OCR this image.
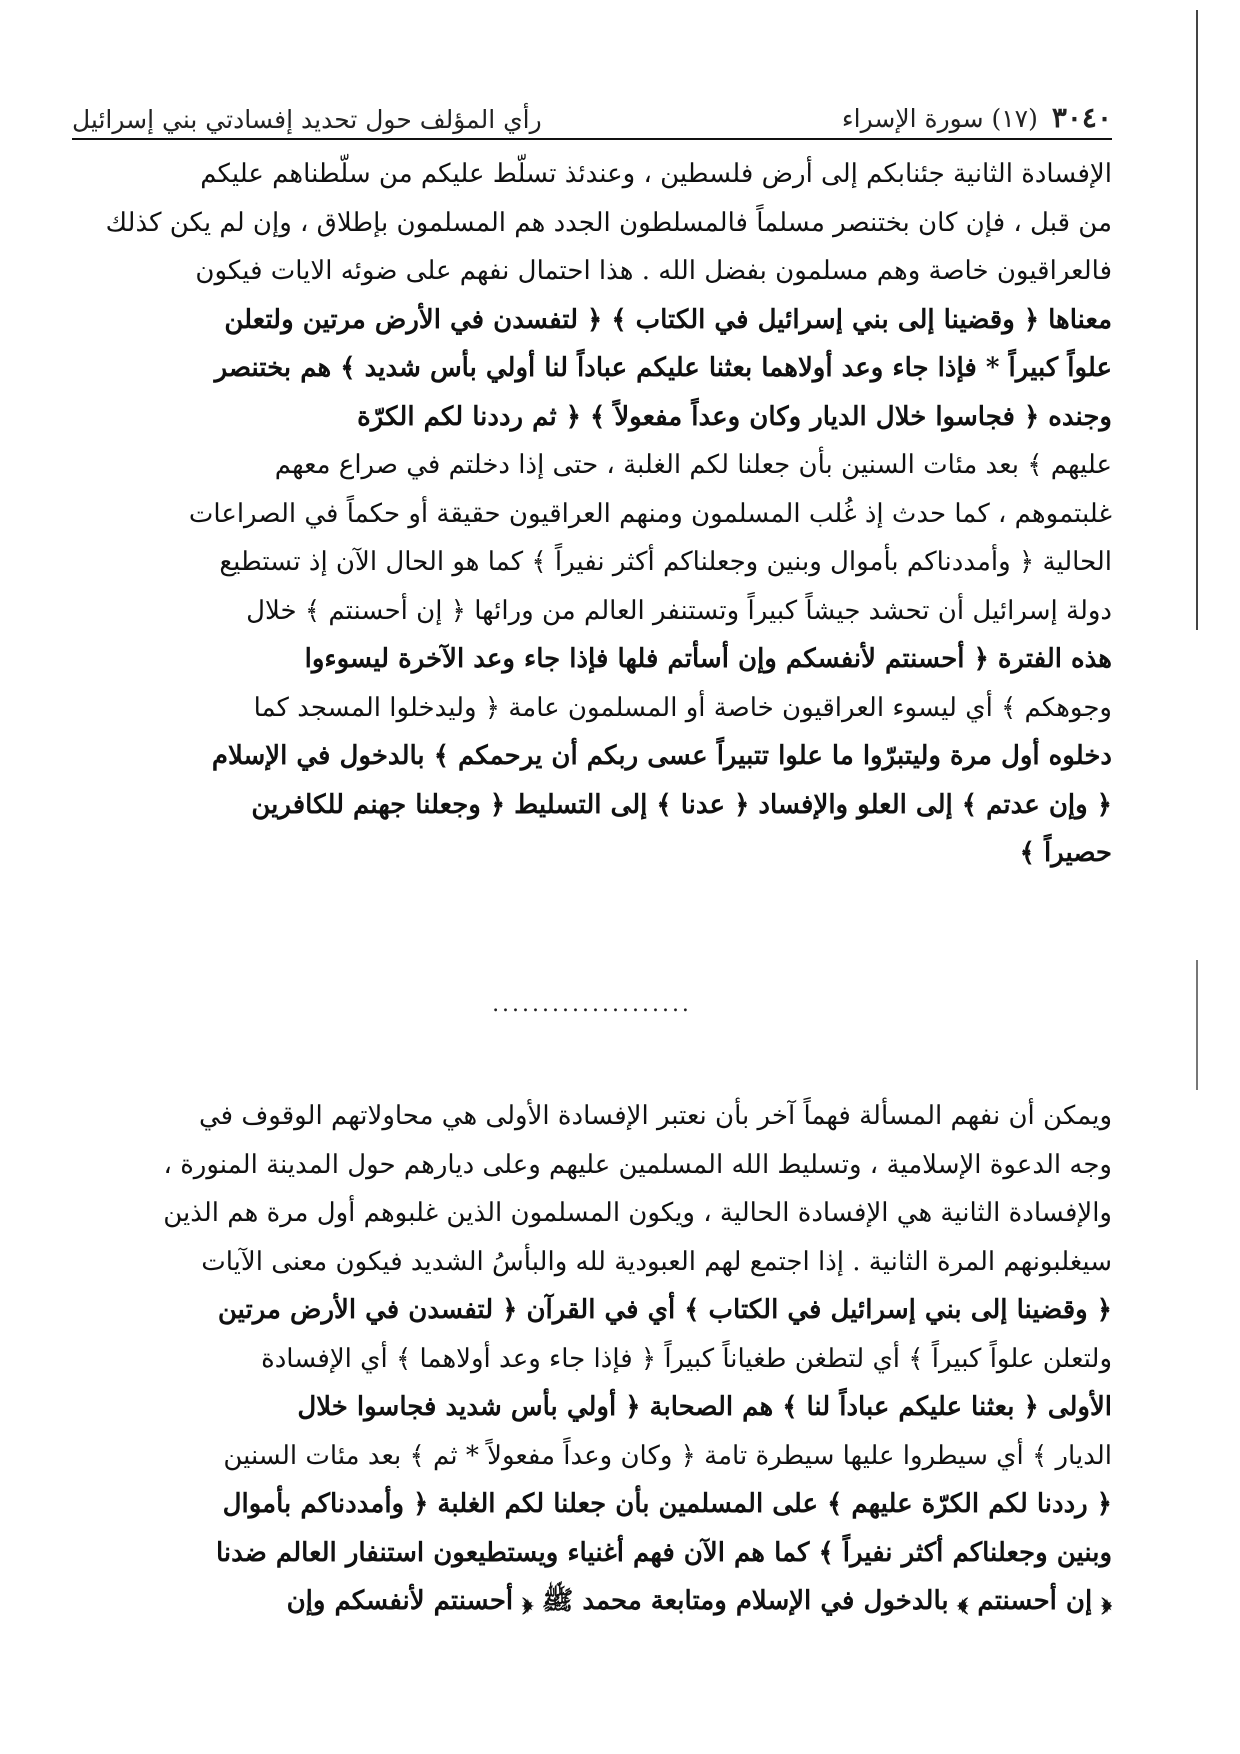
٣٠٤٠
(١٧) سورة الإسراء
رأي المؤلف حول تحديد إفسادتي بني إسرائيل
الإفسادة الثانية جئنابكم إلى أرض فلسطين ، وعندئذ تسلّط عليكم من سلّطناهم عليكم
من قبل ، فإن كان بختنصر مسلماً فالمسلطون الجدد هم المسلمون بإطلاق ، وإن لم يكن كذلك
فالعراقيون خاصة وهم مسلمون بفضل الله . هذا احتمال نفهم على ضوئه الايات فيكون
معناها ﴿ وقضينا إلى بني إسرائيل في الكتاب ﴾ ﴿ لتفسدن في الأرض مرتين ولتعلن
علواً كبيراً * فإذا جاء وعد أولاهما بعثنا عليكم عباداً لنا أولي بأس شديد ﴾ هم بختنصر
وجنده ﴿ فجاسوا خلال الديار وكان وعداً مفعولاً ﴾ ﴿ ثم رددنا لكم الكرّة
عليهم ﴾ بعد مئات السنين بأن جعلنا لكم الغلبة ، حتى إذا دخلتم في صراع معهم
غلبتموهم ، كما حدث إذ غُلب المسلمون ومنهم العراقيون حقيقة أو حكماً في الصراعات
الحالية ﴿ وأمددناكم بأموال وبنين وجعلناكم أكثر نفيراً ﴾ كما هو الحال الآن إذ تستطيع
دولة إسرائيل أن تحشد جيشاً كبيراً وتستنفر العالم من ورائها ﴿ إن أحسنتم ﴾ خلال
هذه الفترة ﴿ أحسنتم لأنفسكم وإن أسأتم فلها فإذا جاء وعد الآخرة ليسوءوا
وجوهكم ﴾ أي ليسوء العراقيون خاصة أو المسلمون عامة ﴿ وليدخلوا المسجد كما
دخلوه أول مرة وليتبرّوا ما علوا تتبيراً عسى ربكم أن يرحمكم ﴾ بالدخول في الإسلام
﴿ وإن عدتم ﴾ إلى العلو والإفساد ﴿ عدنا ﴾ إلى التسليط ﴿ وجعلنا جهنم للكافرين
حصيراً ﴾
....................
ويمكن أن نفهم المسألة فهماً آخر بأن نعتبر الإفسادة الأولى هي محاولاتهم الوقوف في
وجه الدعوة الإسلامية ، وتسليط الله المسلمين عليهم وعلى ديارهم حول المدينة المنورة ،
والإفسادة الثانية هي الإفسادة الحالية ، ويكون المسلمون الذين غلبوهم أول مرة هم الذين
سيغلبونهم المرة الثانية . إذا اجتمع لهم العبودية لله والبأسُ الشديد فيكون معنى الآيات
﴿ وقضينا إلى بني إسرائيل في الكتاب ﴾ أي في القرآن ﴿ لتفسدن في الأرض مرتين
ولتعلن علواً كبيراً ﴾ أي لتطغن طغياناً كبيراً ﴿ فإذا جاء وعد أولاهما ﴾ أي الإفسادة
الأولى ﴿ بعثنا عليكم عباداً لنا ﴾ هم الصحابة ﴿ أولي بأس شديد فجاسوا خلال
الديار ﴾ أي سيطروا عليها سيطرة تامة ﴿ وكان وعداً مفعولاً * ثم ﴾ بعد مئات السنين
﴿ رددنا لكم الكرّة عليهم ﴾ على المسلمين بأن جعلنا لكم الغلبة ﴿ وأمددناكم بأموال
وبنين وجعلناكم أكثر نفيراً ﴾ كما هم الآن فهم أغنياء ويستطيعون استنفار العالم ضدنا
﴿ إن أحسنتم ﴾ بالدخول في الإسلام ومتابعة محمد ﷺ ﴿ أحسنتم لأنفسكم وإن
